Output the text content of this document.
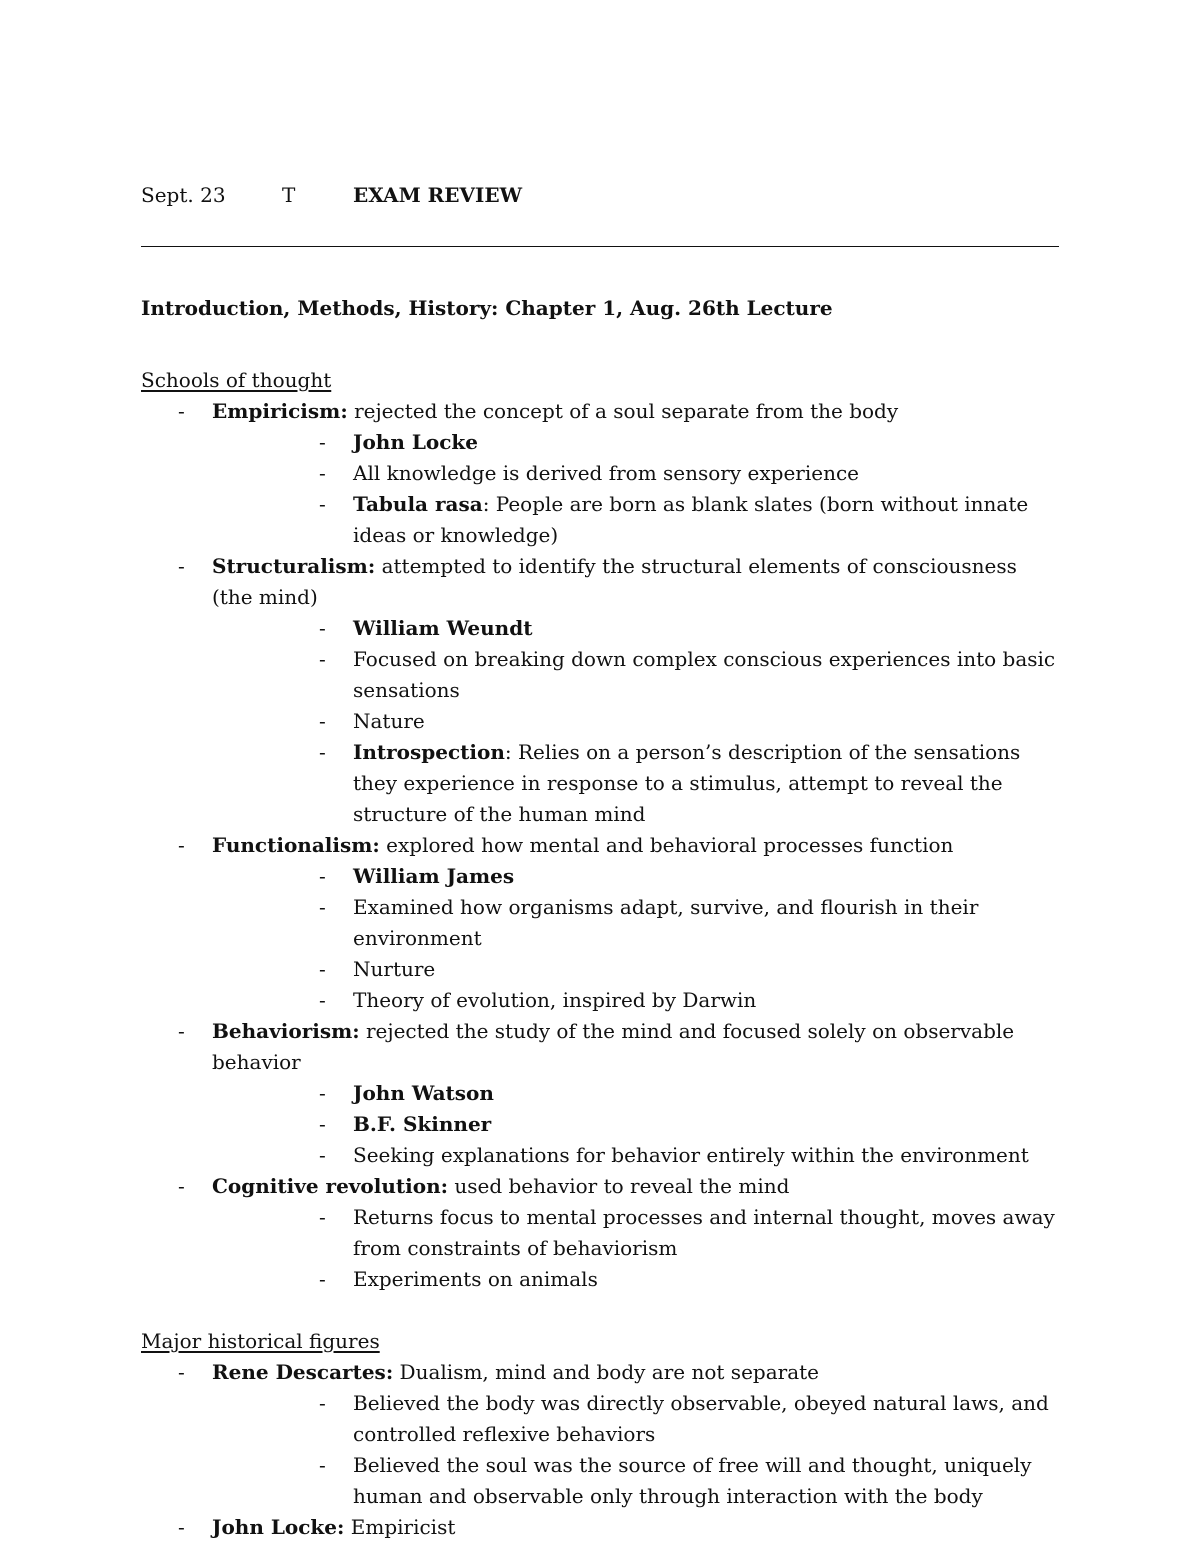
Sept. 23	T	EXAM REVIEW

Introduction, Methods, History: Chapter 1, Aug. 26th Lecture

Schools of thought

- Empiricism: rejected the concept of a soul separate from the body
- John Locke
- All knowledge is derived from sensory experience
- Tabula rasa: People are born as blank slates (born without innate ideas or knowledge)
- Structuralism: attempted to identify the structural elements of consciousness (the mind)
- William Weundt
- Focused on breaking down complex conscious experiences into basic sensations
- Nature
- Introspection: Relies on a person’s description of the sensations they experience in response to a stimulus, attempt to reveal the structure of the human mind
- Functionalism: explored how mental and behavioral processes function
- William James
- Examined how organisms adapt, survive, and flourish in their environment
- Nurture
- Theory of evolution, inspired by Darwin
- Behaviorism: rejected the study of the mind and focused solely on observable behavior
- John Watson
- B.F. Skinner
- Seeking explanations for behavior entirely within the environment
- Cognitive revolution: used behavior to reveal the mind
- Returns focus to mental processes and internal thought, moves away from constraints of behaviorism
- Experiments on animals

Major historical figures

- Rene Descartes: Dualism, mind and body are not separate
- Believed the body was directly observable, obeyed natural laws, and controlled reflexive behaviors
- Believed the soul was the source of free will and thought, uniquely human and observable only through interaction with the body
- John Locke: Empiricist
